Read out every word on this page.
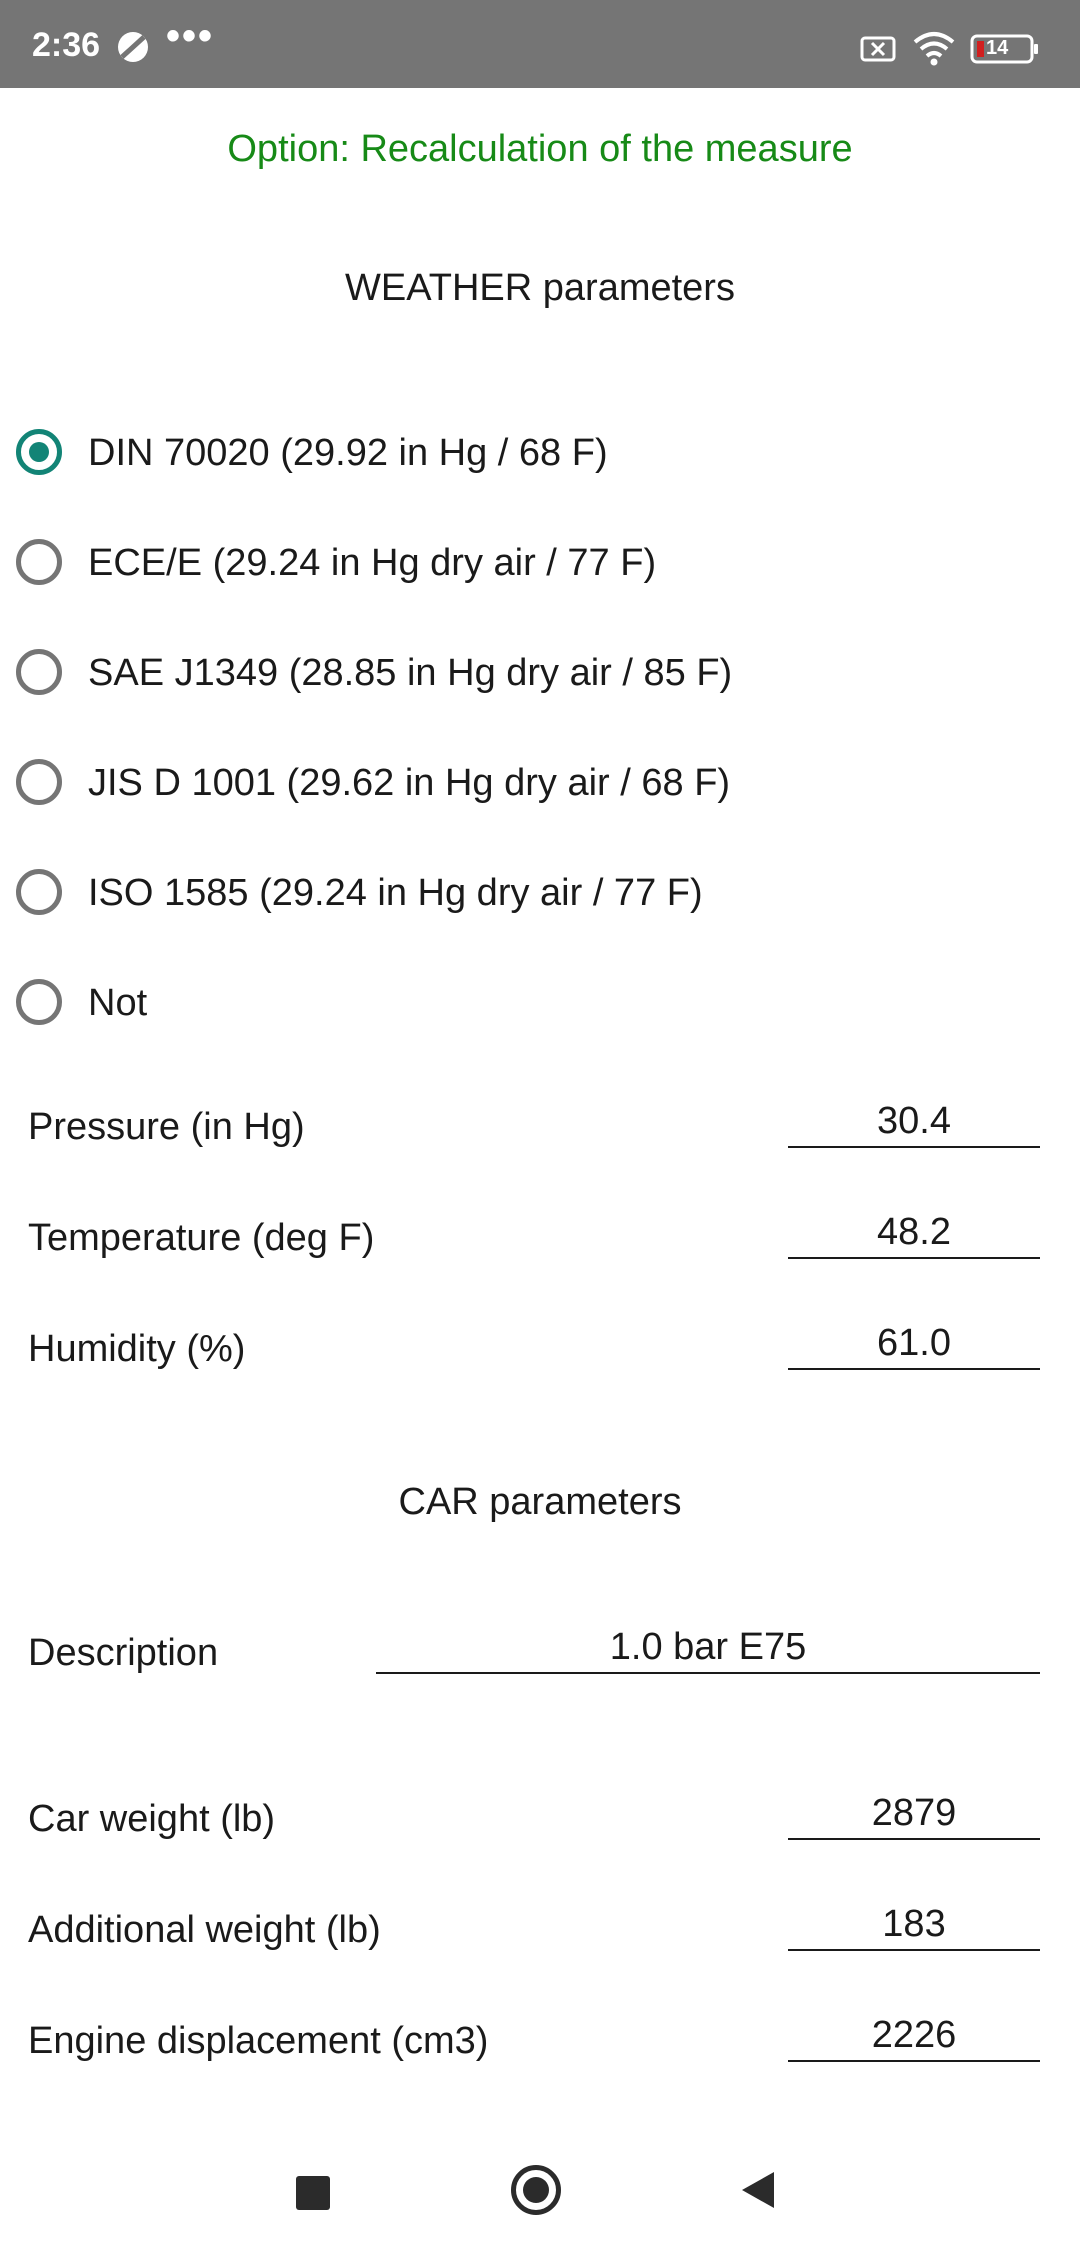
2:36 •••	14
Option: Recalculation of the measure
WEATHER parameters
DIN 70020 (29.92 in Hg / 68 F)
ECE/E (29.24 in Hg dry air / 77 F)
SAE J1349 (28.85 in Hg dry air / 85 F)
JIS D 1001 (29.62 in Hg dry air / 68 F)
ISO 1585 (29.24 in Hg dry air / 77 F)
Not
Pressure (in Hg)	30.4
Temperature (deg F)	48.2
Humidity (%)	61.0
CAR parameters
Description	1.0 bar E75
Car weight (lb)	2879
Additional weight (lb)	183
Engine displacement (cm3)	2226
